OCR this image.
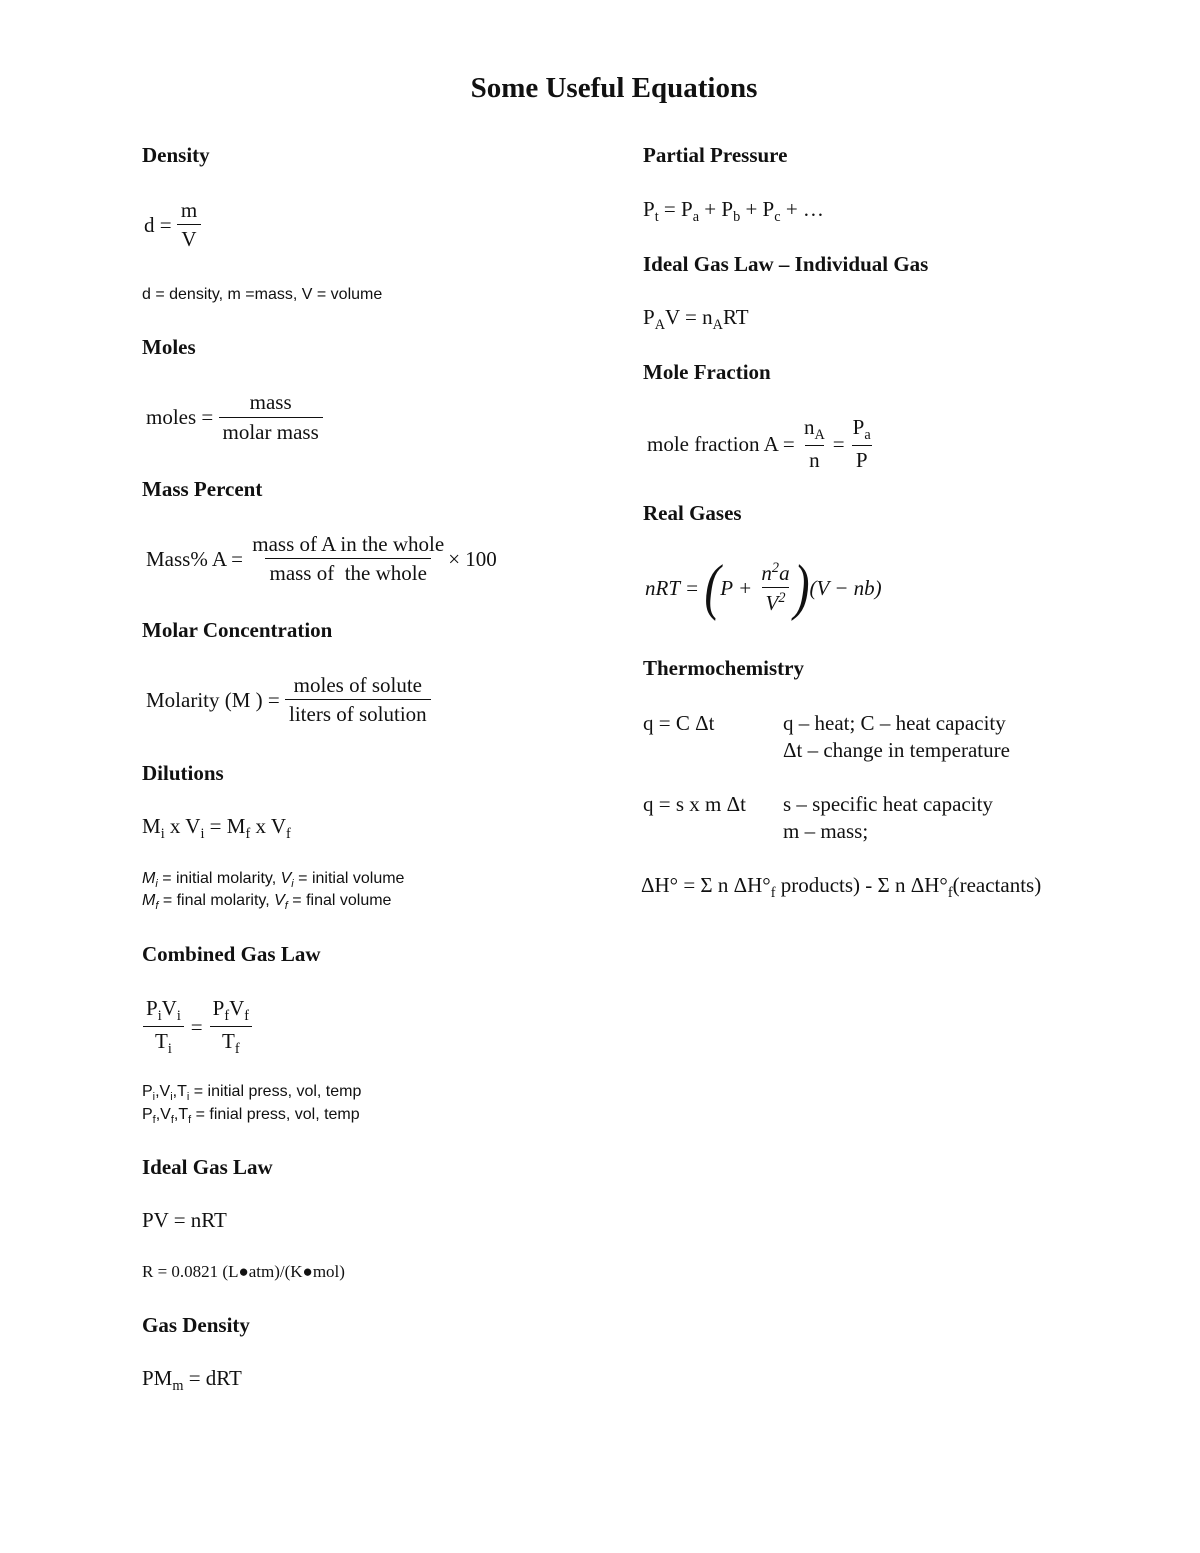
Some Useful Equations
Density
d =
$\frac{m}{V}$
d = density, m =mass, V = volume
Moles
moles =
$\frac{\text{mass}}{\text{molar mass}}$
Mass Percent
Mass% A =
$\frac{\text{mass of A in the whole}}{\text{mass of  the whole}} \times 100$
Molar Concentration
Molarity (M ) =
$\frac{\text{moles of solute}}{\text{liters of solution}}$
Dilutions
$M_i$ x $V_i = M_f$ x $V_f$
$M_i$ = initial molarity, $V_i$ = initial volume
$M_f$ = final molarity, $V_f$ = final volume
Combined Gas Law
$\frac{P_iV_i}{T_i} = \frac{P_fV_f}{T_f}$
$P_i,V_i,T_i$ = initial press, vol, temp
$P_f,V_f,T_f$ = finial press, vol, temp
Ideal Gas Law
PV = nRT
R = 0.0821 (L●atm)/(K●mol)
Gas Density
$PM_m$ = dRT
Partial Pressure
$P_t = P_a + P_b + P_c$ + …
Ideal Gas Law – Individual Gas
$P_AV = n_ART$
Mole Fraction
mole fraction A =
$\frac{n_A}{n} = \frac{P_a}{P}$
Real Gases
nRT =
( P +
$\frac{n^2a}{V^2}$ ) (V − nb)
Thermochemistry
q = C Δt	q – heat; C – heat capacity
Δt – change in temperature
q = s x m Δt s – specific heat capacity
m – mass;
ΔH° = Σ n $\Delta H^\circ_f$ products) - Σ n $\Delta H^\circ_f(reactants)$
